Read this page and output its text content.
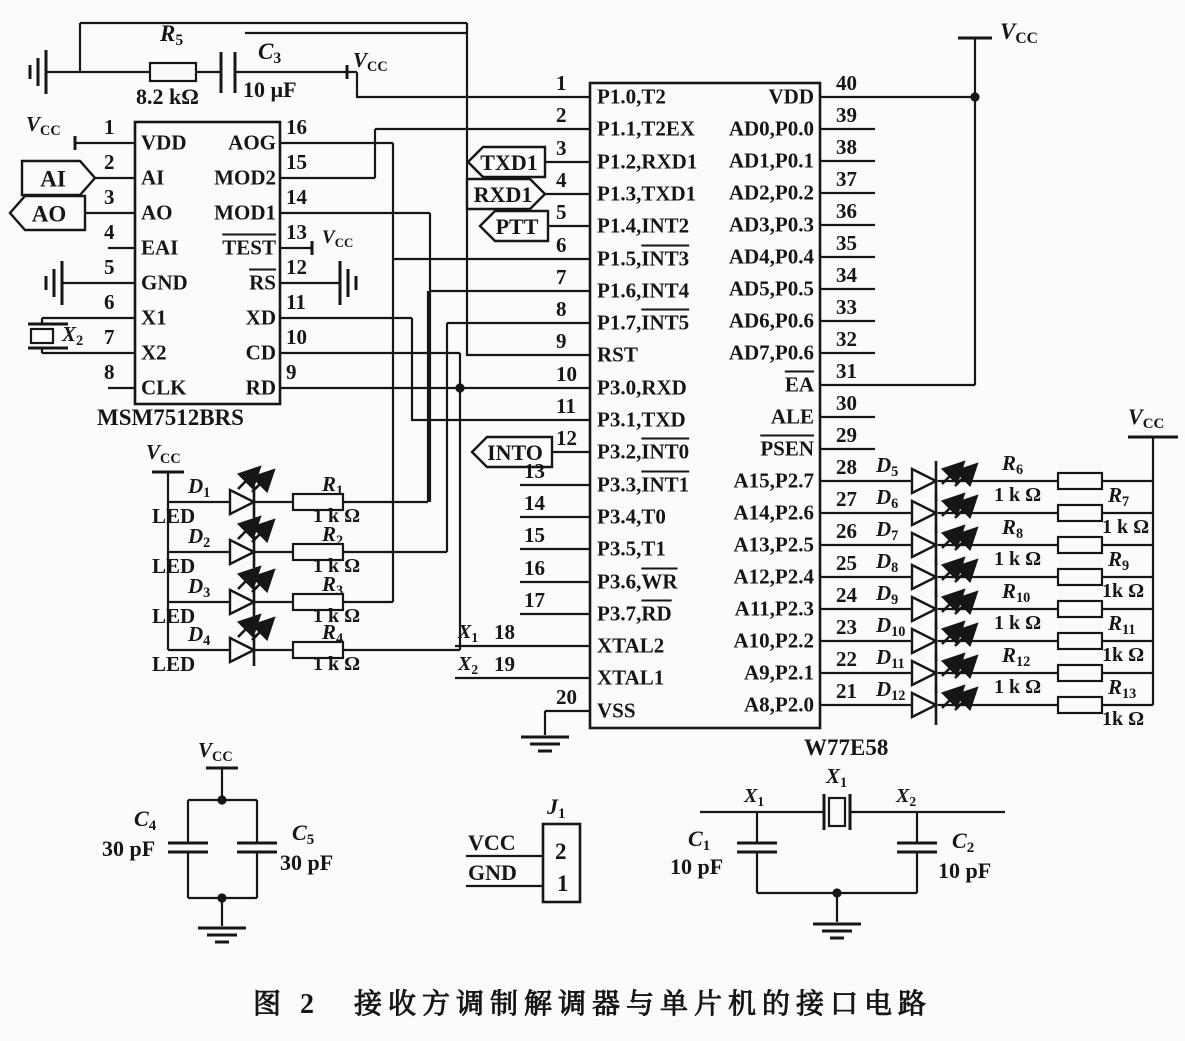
R5
8.2 kΩ
C3
10 µF
VCC
MSM7512BRS
1
VDD
2
AI
3
AO
4
EAI
5
GND
6
X1
7
X2
8
CLK
16
AOG
15
MOD2
14
MOD1
13
TEST
12
$\overline{RS}$
11
XD
10
CD
9
RD
VCC
AI
AO
X2
VCC
W77E58
1
P1.0,T2
2
P1.1,T2EX
3
P1.2,RXD1
4
P1.3,TXD1
5
P1.4,INT2
6
P1.5,INT3
7
P1.6,INT4
8
P1.7,INT5
9
RST
10
P3.0,RXD
11
P3.1,TXD
12
P3.2,INT0
13
P3.3,INT1
14
P3.4,T0
15
P3.5,T1
16
$P3.6,\overline{WR}$
17
$P3.7,\overline{RD}$
18
XTAL2
19
XTAL1
20
VSS
40
VDD
39
AD0,P0.0
38
AD1,P0.1
37
AD2,P0.2
36
AD3,P0.3
35
AD4,P0.4
34
AD5,P0.5
33
AD6,P0.6
32
AD7,P0.6
31
$\overline{EA}$
30
ALE
29
PSEN
28
A15,P2.7
27
A14,P2.6
26
A13,P2.5
25
A12,P2.4
24
A11,P2.3
23
A10,P2.2
22
A9,P2.1
21
A8,P2.0
X1
X2
VCC
TXD1
RXD1
PTT
INTO
VCC
D1
LED
R1
1 k Ω
D2
LED
R2
1 k Ω
D3
LED
R3
1 k Ω
D4
LED
R4
1 k Ω
VCC
D5	R6
1 k Ω
D6	R7
1 k Ω
D7	R8
1 k Ω
D8	R9
1k Ω
D9	R10
1 k Ω
D10	R11
1k Ω
D11	R12
1 k Ω
D12	R13
1k Ω
VCC
C4
30 pF
C5
30 pF
J1
2
1
VCC
GND
X1
X1	X2
C1
10 pF
C2
10 pF
图 2　接收方调制解调器与单片机的接口电路
